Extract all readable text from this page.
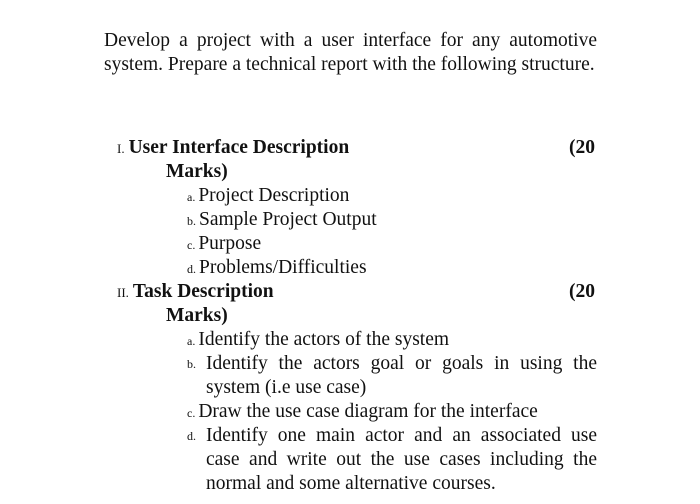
Develop a project with a user interface for any automotive system. Prepare a technical report with the following structure.

I. User Interface Description	(20
Marks)
a. Project Description
b. Sample Project Output
c. Purpose
d. Problems/Difficulties
II. Task Description	(20
Marks)
a. Identify the actors of the system
b. Identify the actors goal or goals in using the system (i.e use case)

c. Draw the use case diagram for the interface
d. Identify one main actor and an associated use case and write out the use cases including the normal and some alternative courses.
